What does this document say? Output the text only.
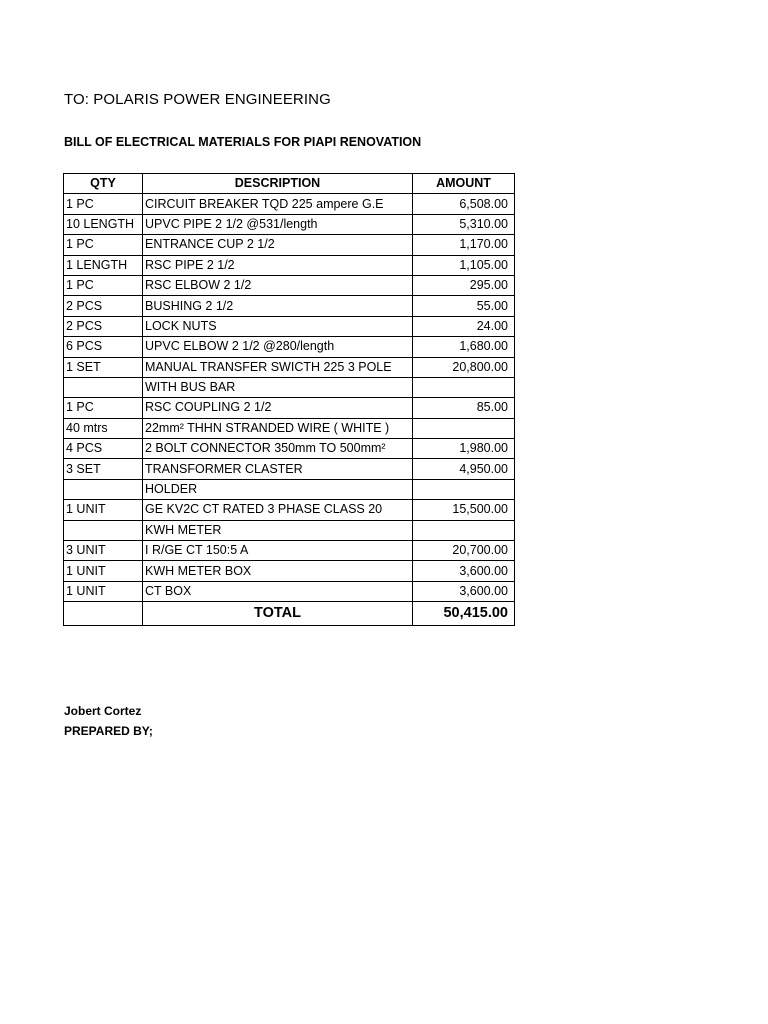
TO: POLARIS POWER ENGINEERING
BILL OF ELECTRICAL MATERIALS FOR PIAPI RENOVATION
QTY	DESCRIPTION	AMOUNT
1 PC	CIRCUIT BREAKER TQD 225 ampere G.E	6,508.00
10 LENGTH	UPVC PIPE 2 1/2 @531/length	5,310.00
1 PC	ENTRANCE CUP 2 1/2	1,170.00
1 LENGTH	RSC PIPE 2 1/2	1,105.00
1 PC	RSC ELBOW 2 1/2	295.00
2 PCS	BUSHING 2 1/2	55.00
2 PCS	LOCK NUTS	24.00
6 PCS	UPVC ELBOW 2 1/2 @280/length	1,680.00
1 SET	MANUAL TRANSFER SWICTH 225 3 POLE	20,800.00
	WITH BUS BAR	
1 PC	RSC COUPLING 2 1/2	85.00
40 mtrs	22mm² THHN STRANDED WIRE ( WHITE )	
4 PCS	2 BOLT CONNECTOR 350mm TO 500mm²	1,980.00
3 SET	TRANSFORMER CLASTER	4,950.00
	HOLDER	
1 UNIT	GE KV2C CT RATED 3 PHASE CLASS 20	15,500.00
	KWH METER	
3 UNIT	I R/GE CT 150:5 A	20,700.00
1 UNIT	KWH METER BOX	3,600.00
1 UNIT	CT BOX	3,600.00
	TOTAL	50,415.00
Jobert Cortez
PREPARED BY;
